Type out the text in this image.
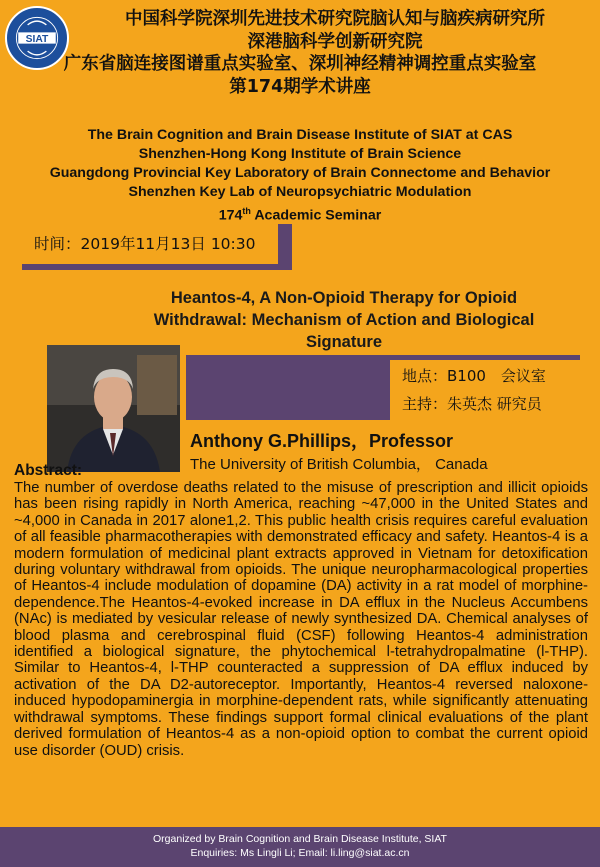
SIAT
中国科学院深圳先进技术研究院脑认知与脑疾病研究所
深港脑科学创新研究院
广东省脑连接图谱重点实验室、深圳神经精神调控重点实验室
第174期学术讲座
The Brain Cognition and Brain Disease Institute of SIAT at CAS
Shenzhen-Hong Kong Institute of Brain Science
Guangdong Provincial Key Laboratory of Brain Connectome and Behavior
Shenzhen Key Lab of Neuropsychiatric Modulation
174th Academic Seminar
时间：2019年11月13日 10:30
Heantos-4, A Non-Opioid Therapy for Opioid
Withdrawal: Mechanism of Action and Biological
Signature
地点：B100　会议室
主持：朱英杰 研究员
Anthony G.Phillips，Professor
The University of British Columbia， Canada
Abstract:
The number of overdose deaths related to the misuse of prescription and illicit opioids has been rising rapidly in North America, reaching ~47,000 in the United States and ~4,000 in Canada in 2017 alone1,2. This public health crisis requires careful evaluation of all feasible pharmacotherapies with demonstrated efficacy and safety. Heantos-4 is a modern formulation of medicinal plant extracts approved in Vietnam for detoxification during voluntary withdrawal from opioids. The unique neuropharmacological properties of Heantos-4 include modulation of dopamine (DA) activity in a rat model of morphine-dependence.The Heantos-4-evoked increase in DA efflux in the Nucleus Accumbens (NAc) is mediated by vesicular release of newly synthesized DA. Chemical analyses of blood plasma and cerebrospinal fluid (CSF) following Heantos-4 administration identified a biological signature, the phytochemical l-tetrahydropalmatine (l-THP). Similar to Heantos-4, l-THP counteracted a suppression of DA efflux induced by activation of the DA D2-autoreceptor. Importantly, Heantos-4 reversed naloxone-induced hypodopaminergia in morphine-dependent rats, while significantly attenuating withdrawal symptoms. These findings support formal clinical evaluations of the plant derived formulation of Heantos-4 as a non-opioid option to combat the current opioid use disorder (OUD) crisis.
Organized by Brain Cognition and Brain Disease Institute, SIAT
Enquiries: Ms Lingli Li; Email: li.ling@siat.ac.cn
